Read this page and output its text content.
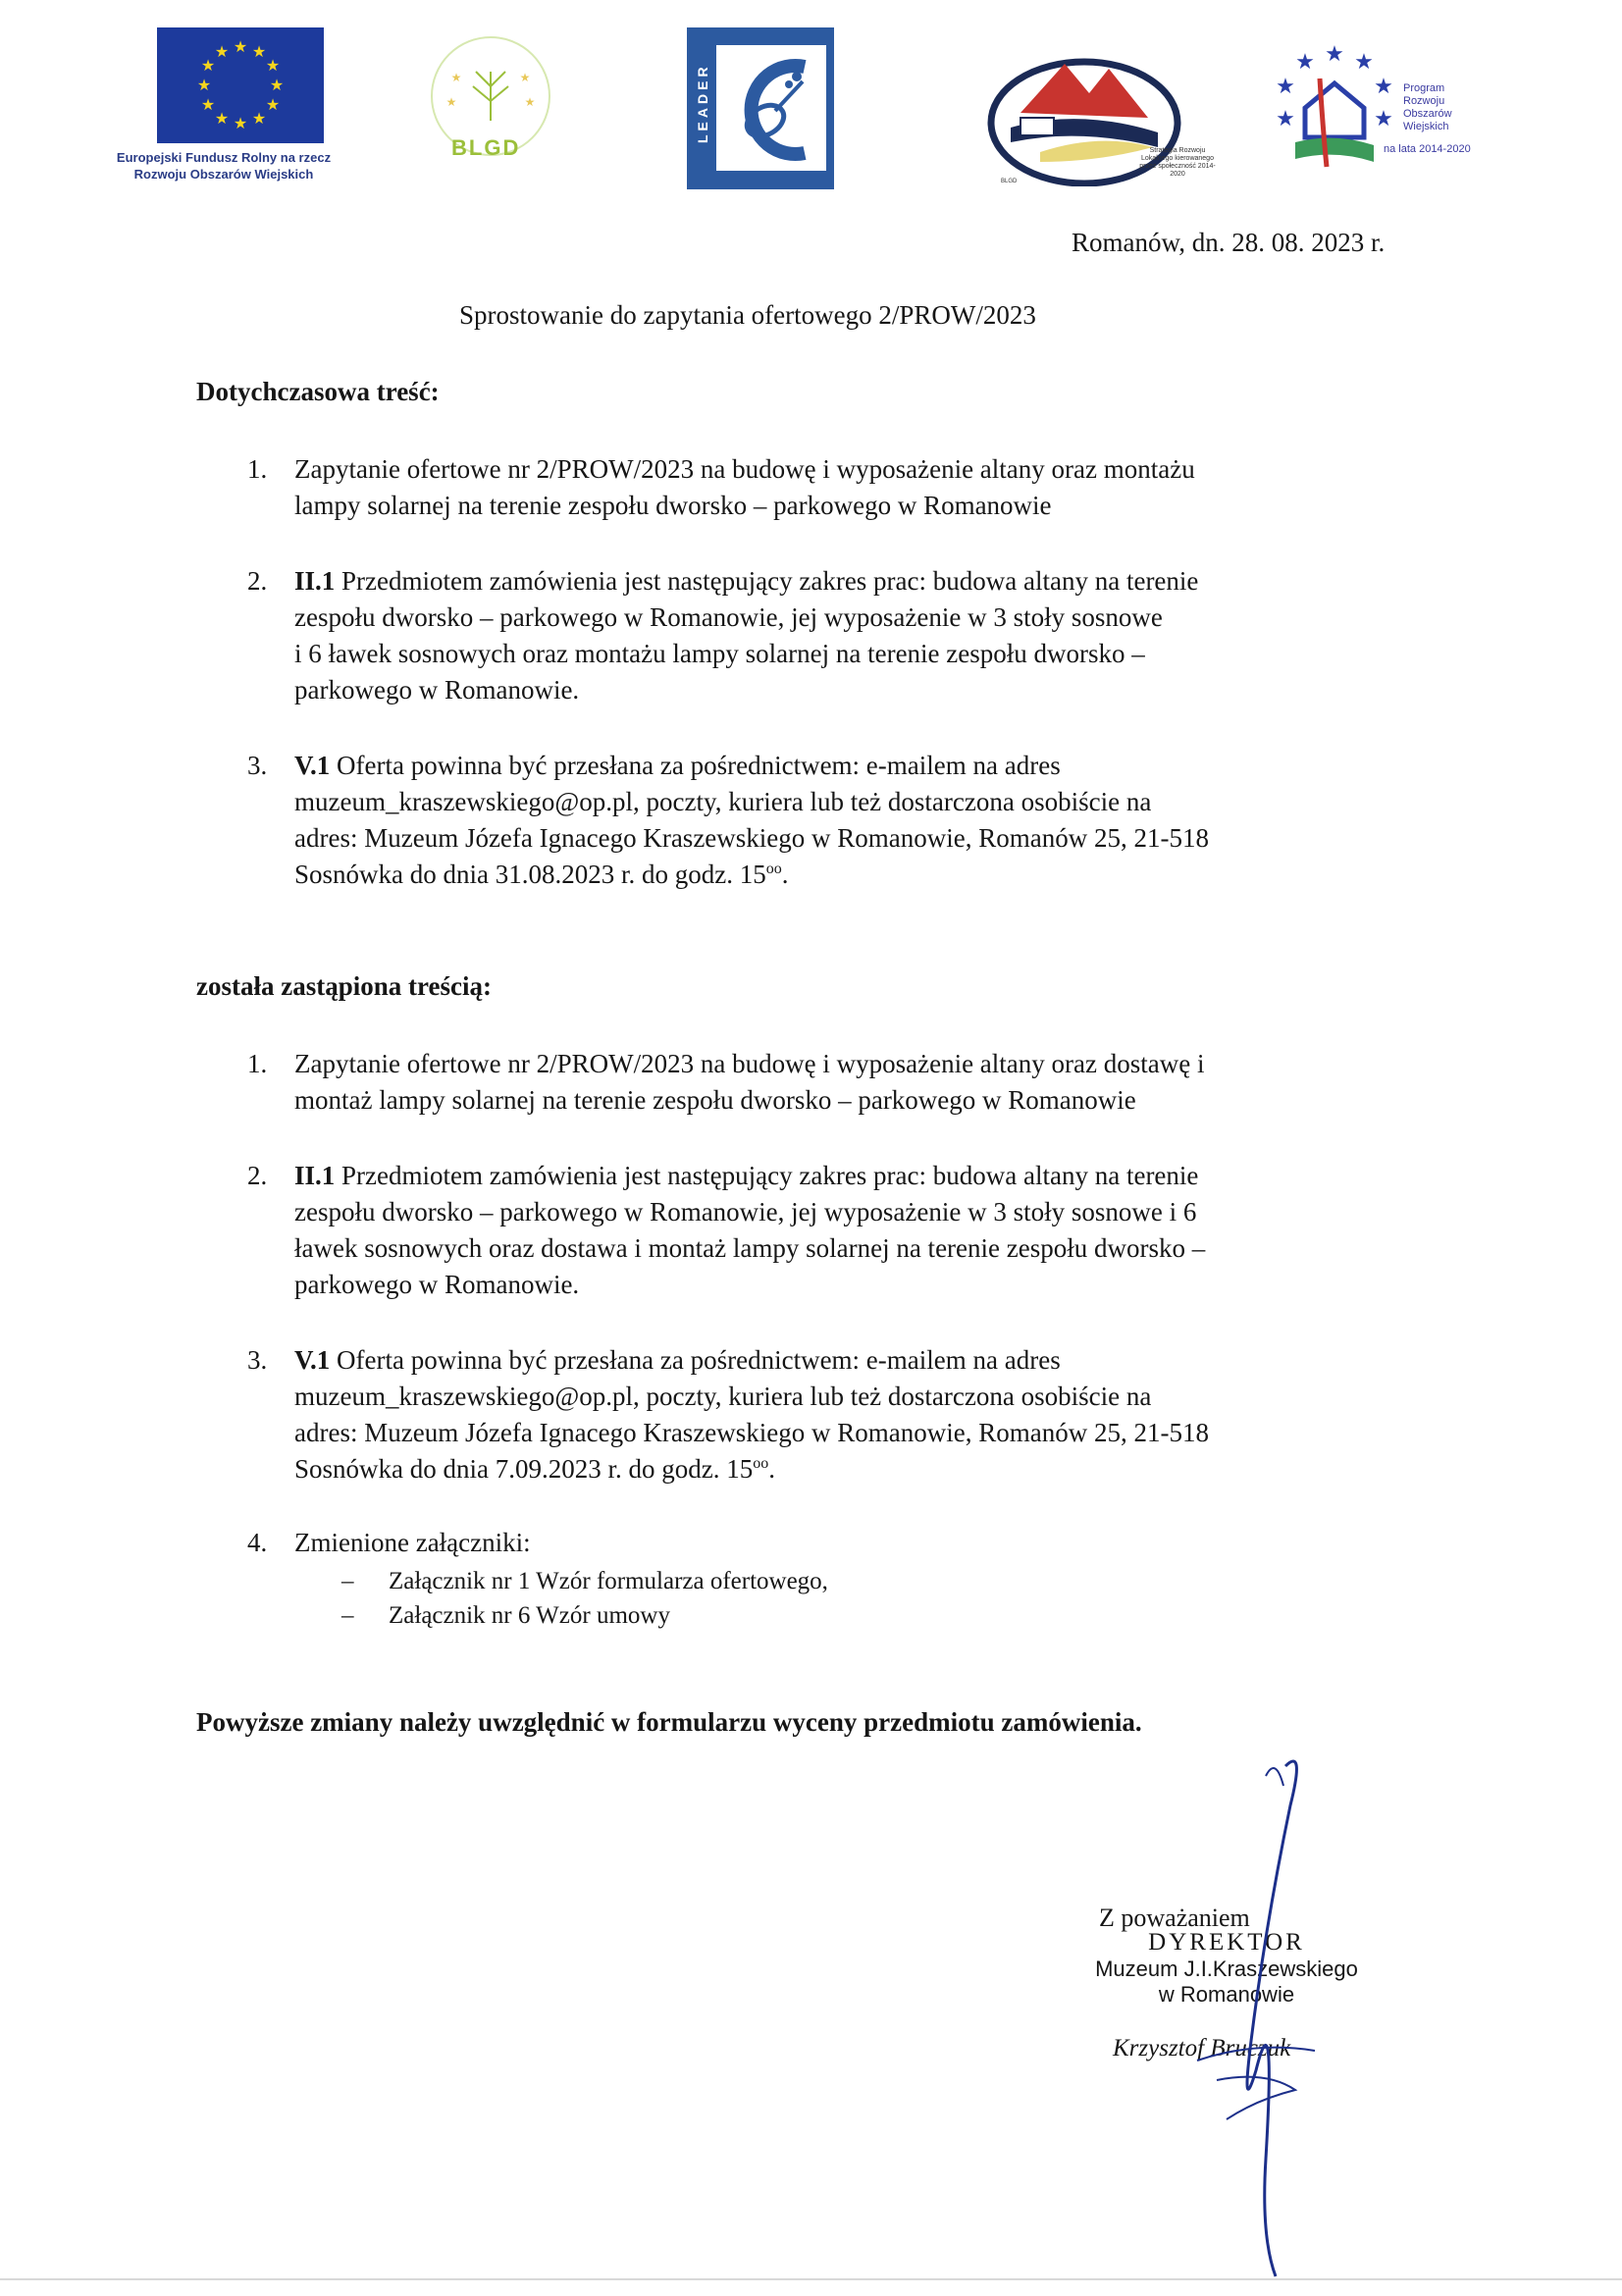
★ ★
★
★
★
★
★
★
★
★
★
★
Europejski Fundusz Rolny na rzecz
Rozwoju Obszarów Wiejskich
★	★
★	★
BLGD
LEADER
Strategia Rozwoju Lokalnego kierowanego przez społeczność 2014-2020
BLGD
★ ★
★
★
★
★
★
Program
Rozwoju
Obszarów
Wiejskich
na lata 2014-2020
Romanów, dn. 28. 08. 2023 r.
Sprostowanie do zapytania ofertowego 2/PROW/2023
Dotychczasowa treść:
1. Zapytanie ofertowe nr 2/PROW/2023 na budowę i wyposażenie altany oraz montażu
lampy solarnej na terenie zespołu dworsko – parkowego w Romanowie
2. II.1 Przedmiotem zamówienia jest następujący zakres prac: budowa altany na terenie
zespołu dworsko – parkowego w Romanowie, jej wyposażenie w 3 stoły sosnowe
i 6 ławek sosnowych oraz montażu lampy solarnej na terenie zespołu dworsko –
parkowego w Romanowie.
3. V.1 Oferta powinna być przesłana za pośrednictwem: e-mailem na adres
muzeum_kraszewskiego@op.pl, poczty, kuriera lub też dostarczona osobiście na
adres: Muzeum Józefa Ignacego Kraszewskiego w Romanowie, Romanów 25, 21-518
Sosnówka do dnia 31.08.2023 r. do godz. $15^{oo}$.
została zastąpiona treścią:
1. Zapytanie ofertowe nr 2/PROW/2023 na budowę i wyposażenie altany oraz dostawę i
montaż lampy solarnej na terenie zespołu dworsko – parkowego w Romanowie
2. II.1 Przedmiotem zamówienia jest następujący zakres prac: budowa altany na terenie
zespołu dworsko – parkowego w Romanowie, jej wyposażenie w 3 stoły sosnowe i 6
ławek sosnowych oraz dostawa i montaż lampy solarnej na terenie zespołu dworsko –
parkowego w Romanowie.
3. V.1 Oferta powinna być przesłana za pośrednictwem: e-mailem na adres
muzeum_kraszewskiego@op.pl, poczty, kuriera lub też dostarczona osobiście na
adres: Muzeum Józefa Ignacego Kraszewskiego w Romanowie, Romanów 25, 21-518
Sosnówka do dnia 7.09.2023 r. do godz. $15^{oo}$.
4. Zmienione załączniki:
– Załącznik nr 1 Wzór formularza ofertowego,
– Załącznik nr 6 Wzór umowy
Powyższe zmiany należy uwzględnić w formularzu wyceny przedmiotu zamówienia.
Z poważaniem
DYREKTOR
Muzeum J.I.Kraszewskiego
w Romanowie
Krzysztof Bruczuk
